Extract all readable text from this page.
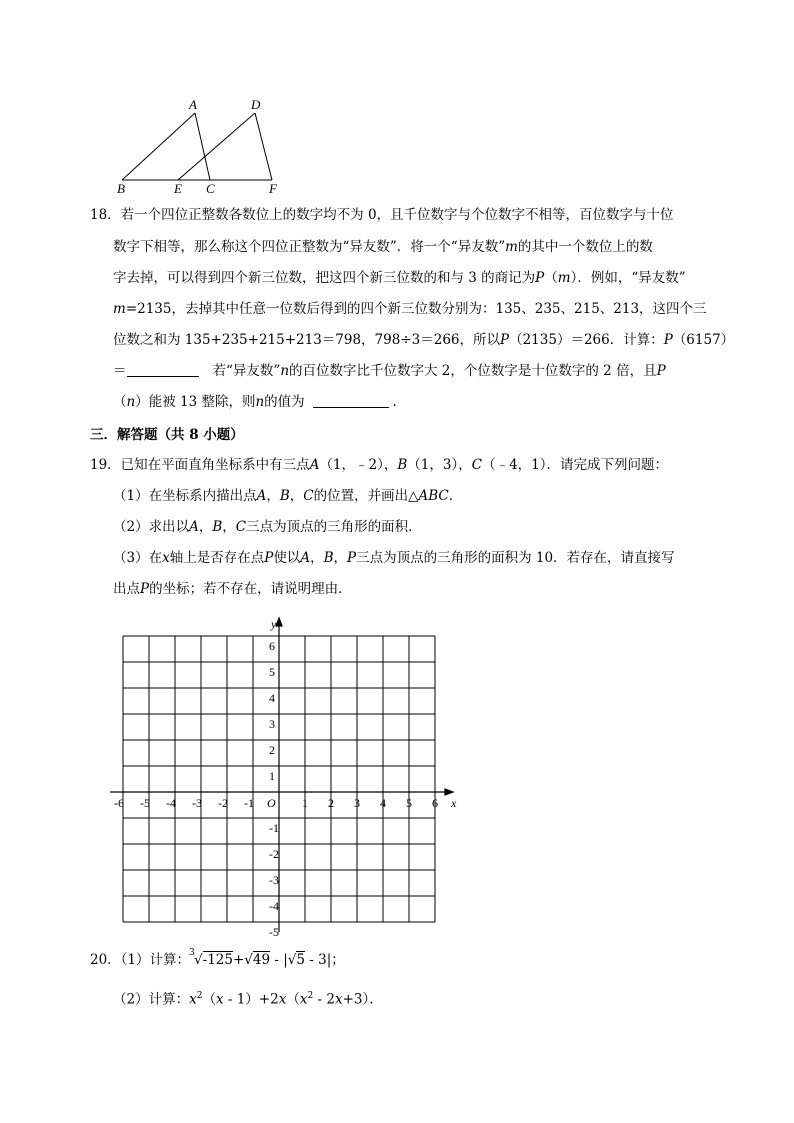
A	D
B	E C	F
18．若一个四位正整数各数位上的数字均不为 0，且千位数字与个位数字不相等，百位数字与十位
数字下相等，那么称这个四位正整数为“异友数”．将一个“异友数”m的其中一个数位上的数
字去掉，可以得到四个新三位数，把这四个新三位数的和与 3 的商记为P（m）．例如，“异友数”
m=2135，去掉其中任意一位数后得到的四个新三位数分别为：135、235、215、213，这四个三
位数之和为 135+235+215+213＝798，798÷3＝266，所以P（2135）＝266．计算：P（6157）
＝	若“异友数”n的百位数字比千位数字大 2，个位数字是十位数字的 2 倍，且P
（n）能被 13 整除，则n的值为	．
三．解答题（共 8 小题）
19．已知在平面直角坐标系中有三点A（1，﹣2），B（1，3），C（﹣4，1）．请完成下列问题：
（1）在坐标系内描出点A，B，C的位置，并画出△ABC．
（2）求出以A，B，C三点为顶点的三角形的面积．
（3）在x轴上是否存在点P使以A，B，P三点为顶点的三角形的面积为 10．若存在，请直接写
出点P的坐标；若不存在，请说明理由．
-6 -5 -4 -3 -2 -1	1 2 3 4 5 6
6
5
4
3
2
1
-1
-2
-3
-4
-5
x
y
O
20．（1）计算： 3 √-125+√49 - |√5 - 3|；
（2）计算：$x^2(x - 1)+2x(x^2 - 2x+3)$．
